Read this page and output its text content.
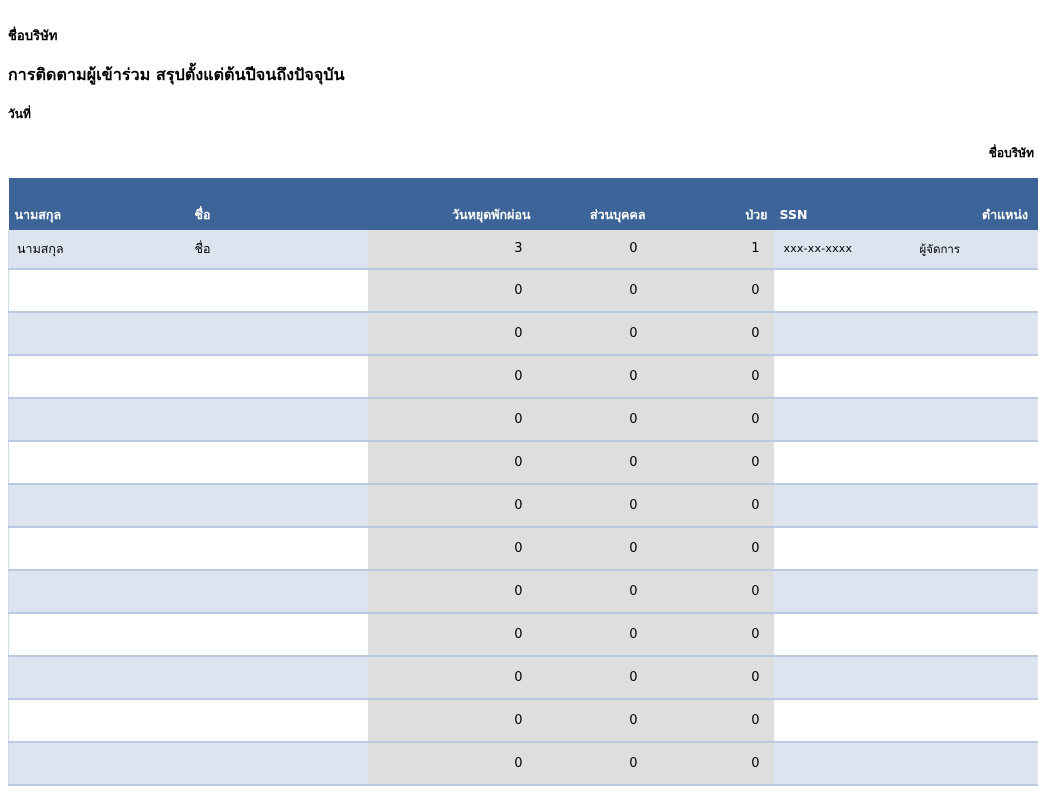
ชื่อบริษัท
การติดตามผู้เข้าร่วม สรุปตั้งแต่ต้นปีจนถึงปัจจุบัน
วันที่
ชื่อบริษัท
นามสกุล	ชื่อ	วันหยุดพักผ่อน	ส่วนบุคคล	ป่วย	SSN	ตำแหน่ง
นามสกุล	ชื่อ	3	0	1	xxx-xx-xxxx	ผู้จัดการ
		0	0	0		
		0	0	0		
		0	0	0		
		0	0	0		
		0	0	0		
		0	0	0		
		0	0	0		
		0	0	0		
		0	0	0		
		0	0	0		
		0	0	0		
		0	0	0		
